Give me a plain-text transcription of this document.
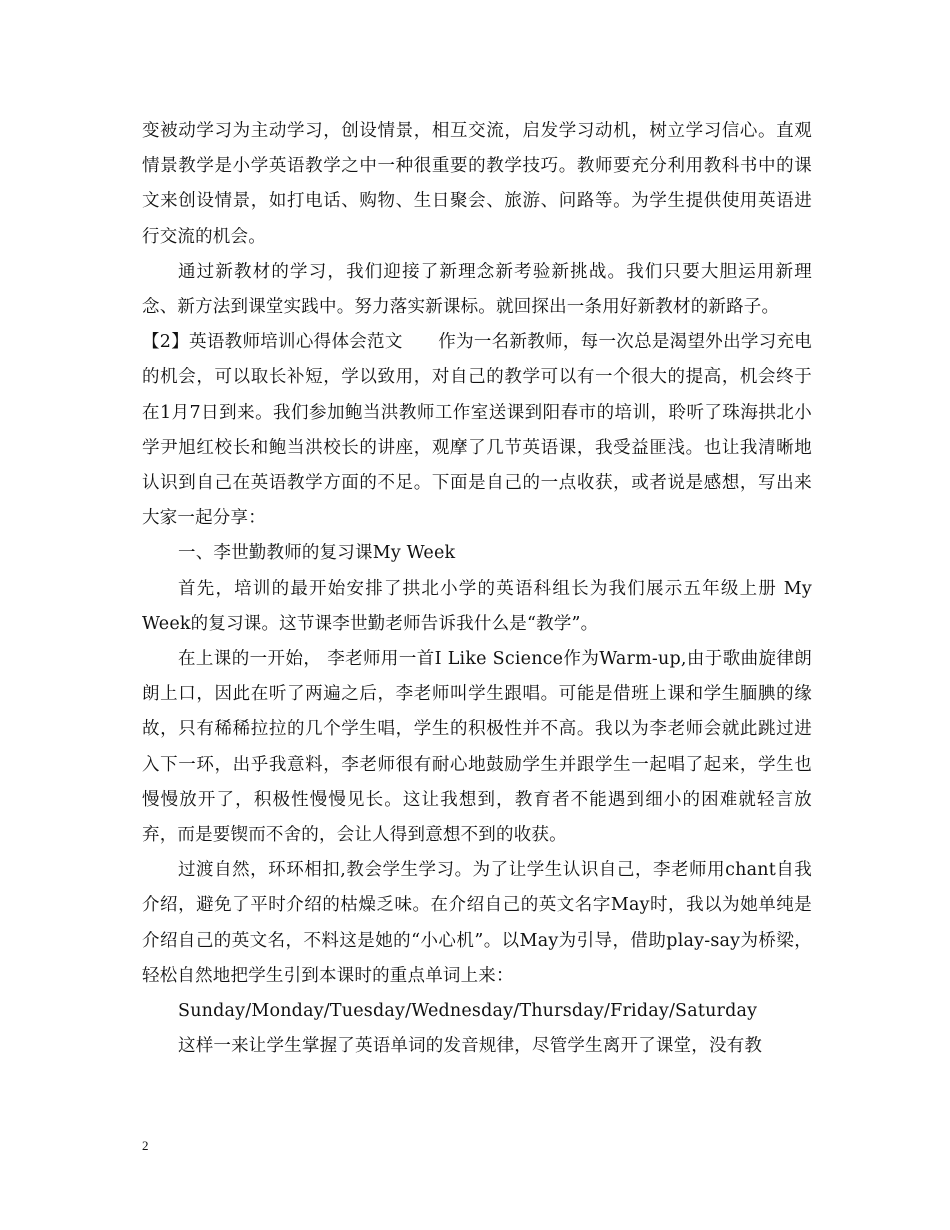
变被动学习为主动学习，创设情景，相互交流，启发学习动机，树立学习信心。直观情景教学是小学英语教学之中一种很重要的教学技巧。教师要充分利用教科书中的课文来创设情景，如打电话、购物、生日聚会、旅游、问路等。为学生提供使用英语进行交流的机会。

通过新教材的学习，我们迎接了新理念新考验新挑战。我们只要大胆运用新理念、新方法到课堂实践中。努力落实新课标。就回探出一条用好新教材的新路子。

【2】英语教师培训心得体会范文　　作为一名新教师，每一次总是渴望外出学习充电的机会，可以取长补短，学以致用，对自己的教学可以有一个很大的提高，机会终于在1月7日到来。我们参加鲍当洪教师工作室送课到阳春市的培训，聆听了珠海拱北小学尹旭红校长和鲍当洪校长的讲座，观摩了几节英语课，我受益匪浅。也让我清晰地认识到自己在英语教学方面的不足。下面是自己的一点收获，或者说是感想，写出来大家一起分享：

一、李世勤教师的复习课My Week

首先，培训的最开始安排了拱北小学的英语科组长为我们展示五年级上册 My Week的复习课。这节课李世勤老师告诉我什么是“教学”。

在上课的一开始， 李老师用一首I Like Science作为Warm-up,由于歌曲旋律朗朗上口，因此在听了两遍之后，李老师叫学生跟唱。可能是借班上课和学生腼腆的缘故，只有稀稀拉拉的几个学生唱，学生的积极性并不高。我以为李老师会就此跳过进入下一环，出乎我意料，李老师很有耐心地鼓励学生并跟学生一起唱了起来，学生也慢慢放开了，积极性慢慢见长。这让我想到，教育者不能遇到细小的困难就轻言放弃，而是要锲而不舍的，会让人得到意想不到的收获。

过渡自然，环环相扣,教会学生学习。为了让学生认识自己，李老师用chant自我介绍，避免了平时介绍的枯燥乏味。在介绍自己的英文名字May时，我以为她单纯是介绍自己的英文名，不料这是她的“小心机”。以May为引导，借助play-say为桥梁，轻松自然地把学生引到本课时的重点单词上来：

Sunday/Monday/Tuesday/Wednesday/Thursday/Friday/Saturday

这样一来让学生掌握了英语单词的发音规律，尽管学生离开了课堂，没有教

2
